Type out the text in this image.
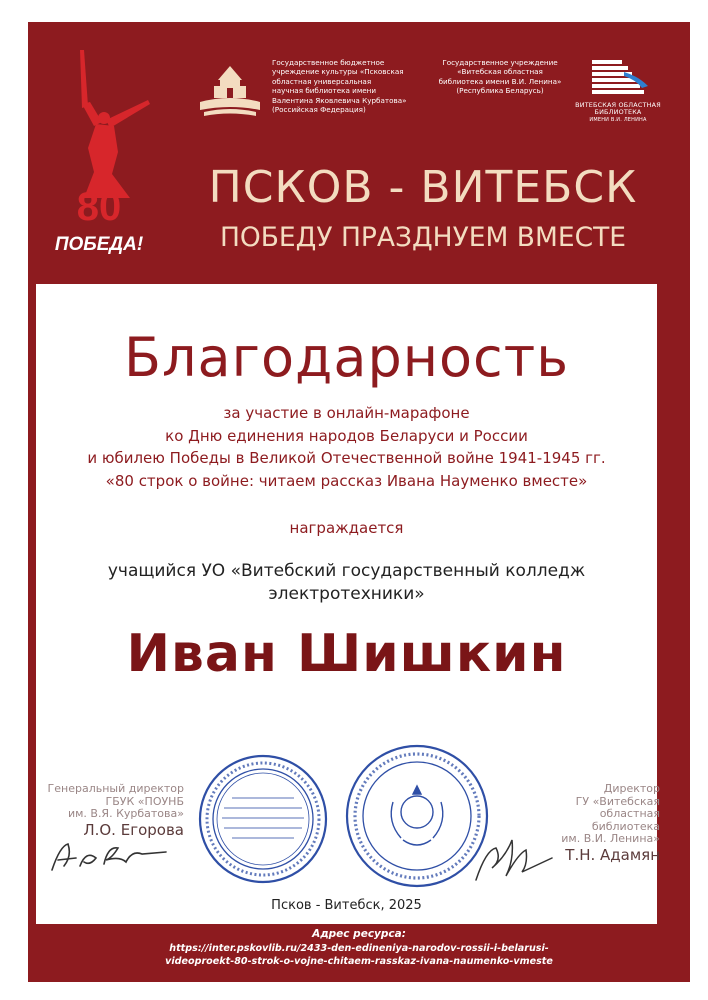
80
ПОБЕДА!
Государственное бюджетное
учреждение культуры «Псковская
областная универсальная
научная библиотека имени
Валентина Яковлевича Курбатова»
(Российская Федерация)
Государственное учреждение
«Витебская областная
библиотека имени В.И. Ленина»
(Республика Беларусь)
ВИТЕБСКАЯ ОБЛАСТНАЯ
БИБЛИОТЕКА
ИМЕНИ В.И. ЛЕНИНА
ПСКОВ - ВИТЕБСК
ПОБЕДУ ПРАЗДНУЕМ ВМЕСТЕ
Благодарность
за участие в онлайн-марафоне
ко Дню единения народов Беларуси и России
и юбилею Победы в Великой Отечественной войне 1941-1945 гг.
«80 строк о войне: читаем рассказ Ивана Науменко вместе»
награждается
учащийся УО «Витебский государственный колледж
электротехники»
Иван Шишкин
Генеральный директор
ГБУК «ПОУНБ
им. В.Я. Курбатова»
Л.О. Егорова
Директор
ГУ «Витебская областная
библиотека
им. В.И. Ленина»
Т.Н. Адамян
Псков - Витебск, 2025
Адрес ресурса:
https://inter.pskovlib.ru/2433-den-edineniya-narodov-rossii-i-belarusi-
videoproekt-80-strok-o-vojne-chitaem-rasskaz-ivana-naumenko-vmeste
